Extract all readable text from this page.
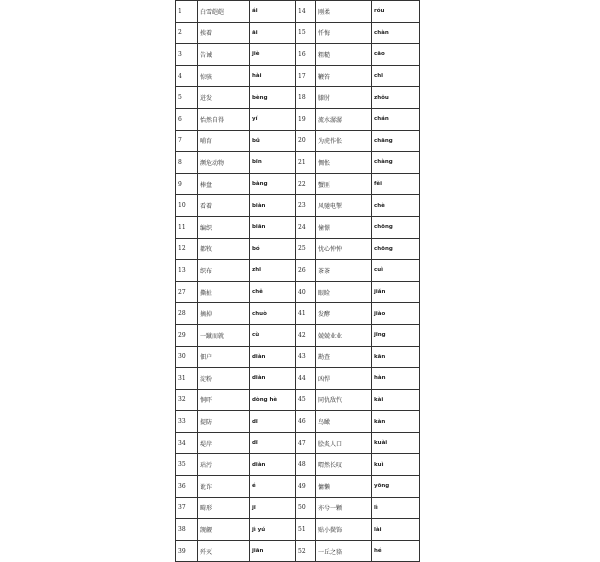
1	白雪皑皑	ái	14	刚柔	róu
2	挨着	āi	15	忏悔	chàn
3	告诫	jiè	16	粗糙	cāo
4	惊骇	hài	17	鞭笞	chī
5	迸发	bèng	18	膝肘	zhǒu
6	怡然自得	yí	19	流水潺潺	chán
7	哺育	bǔ	20	为虎作伥	chāng
8	濒危动物	bīn	21	惆怅	chàng
9	棒盘	bàng	22	蟹匪	fěi
10	看着	biàn	23	风驰电掣	chè
11	编织	biān	24	憧憬	chōng
12	都牧	bó	25	忧心忡忡	chōng
13	织布	zhī	26	茶茶	cuì
27	撕扯	chě	40	眼睑	jiǎn
28	摘掉	chuò	41	发酵	jiào
29	一蹴而就	cù	42	兢兢业业	jīng
30	佃户	diàn	43	勘查	kān
31	淀粉	diàn	44	凶悍	hàn
32	恫吓	dòng hè	45	同仇敌忾	kài
33	提防	dī	46	鸟瞰	kàn
34	堤岸	dī	47	脍炙人口	kuài
35	玷污	diàn	48	喟然长叹	kuì
36	讹诈	é	49	慵懒	yōng
37	畸形	jī	50	亦兮一颗	lì
38	觊觎	jì yú	51	贴小鬓饰	lài
39	歼灭	jiān	52	一丘之貉	hé
